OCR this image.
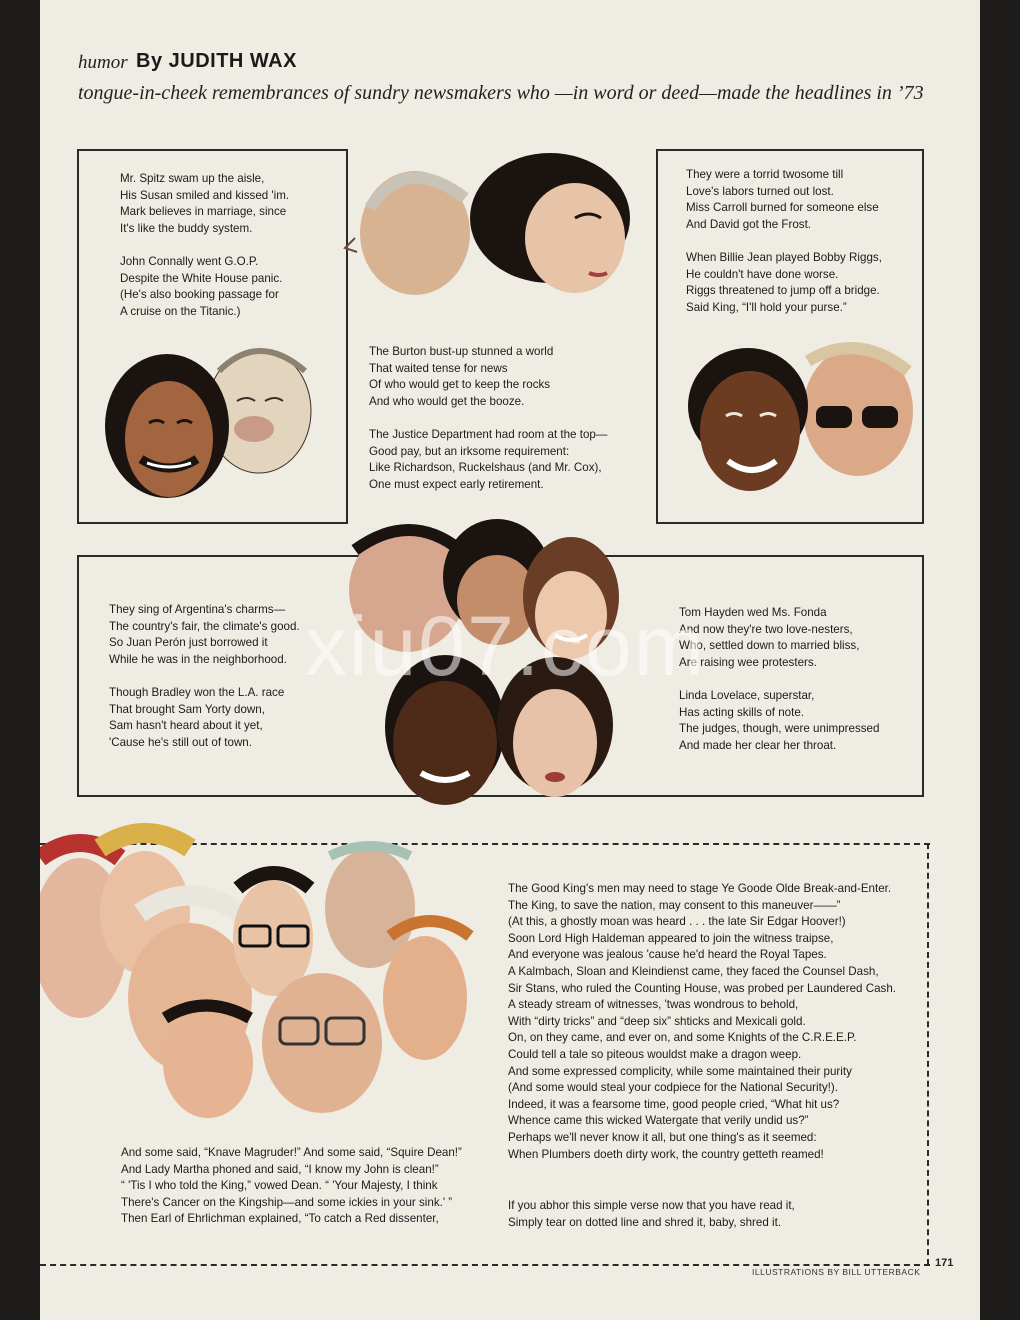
humor By JUDITH WAX
tongue-in-cheek remembrances of sundry newsmakers who —in word or deed—made the headlines in ’73
Mr. Spitz swam up the aisle,
His Susan smiled and kissed 'im.
Mark believes in marriage, since
It's like the buddy system.

John Connally went G.O.P.
Despite the White House panic.
(He's also booking passage for
A cruise on the Titanic.)
The Burton bust-up stunned a world
That waited tense for news
Of who would get to keep the rocks
And who would get the booze.

The Justice Department had room at the top—
Good pay, but an irksome requirement:
Like Richardson, Ruckelshaus (and Mr. Cox),
One must expect early retirement.
They were a torrid twosome till
Love's labors turned out lost.
Miss Carroll burned for someone else
And David got the Frost.

When Billie Jean played Bobby Riggs,
He couldn't have done worse.
Riggs threatened to jump off a bridge.
Said King, “I'll hold your purse.”
They sing of Argentina's charms—
The country's fair, the climate's good.
So Juan Perón just borrowed it
While he was in the neighborhood.

Though Bradley won the L.A. race
That brought Sam Yorty down,
Sam hasn't heard about it yet,
'Cause he's still out of town.
Tom Hayden wed Ms. Fonda
And now they're two love-nesters,
Who, settled down to married bliss,
Are raising wee protesters.

Linda Lovelace, superstar,
Has acting skills of note.
The judges, though, were unimpressed
And made her clear her throat.
The Good King's men may need to stage Ye Goode Olde Break-and-Enter.
The King, to save the nation, may consent to this maneuver——”
(At this, a ghostly moan was heard . . . the late Sir Edgar Hoover!)
Soon Lord High Haldeman appeared to join the witness traipse,
And everyone was jealous 'cause he'd heard the Royal Tapes.
A Kalmbach, Sloan and Kleindienst came, they faced the Counsel Dash,
Sir Stans, who ruled the Counting House, was probed per Laundered Cash.
A steady stream of witnesses, 'twas wondrous to behold,
With “dirty tricks” and “deep six” shticks and Mexicali gold.
On, on they came, and ever on, and some Knights of the C.R.E.E.P.
Could tell a tale so piteous wouldst make a dragon weep.
And some expressed complicity, while some maintained their purity
(And some would steal your codpiece for the National Security!).
Indeed, it was a fearsome time, good people cried, “What hit us?
Whence came this wicked Watergate that verily undid us?”
Perhaps we'll never know it all, but one thing's as it seemed:
When Plumbers doeth dirty work, the country getteth reamed!
And some said, “Knave Magruder!” And some said, “Squire Dean!”
And Lady Martha phoned and said, “I know my John is clean!”
“ 'Tis I who told the King,” vowed Dean. “ 'Your Majesty, I think
There's Cancer on the Kingship—and some ickies in your sink.' ”
Then Earl of Ehrlichman explained, “To catch a Red dissenter,
If you abhor this simple verse now that you have read it,
Simply tear on dotted line and shred it, baby, shred it.
ILLUSTRATIONS BY BILL UTTERBACK
171
xiu07.com
